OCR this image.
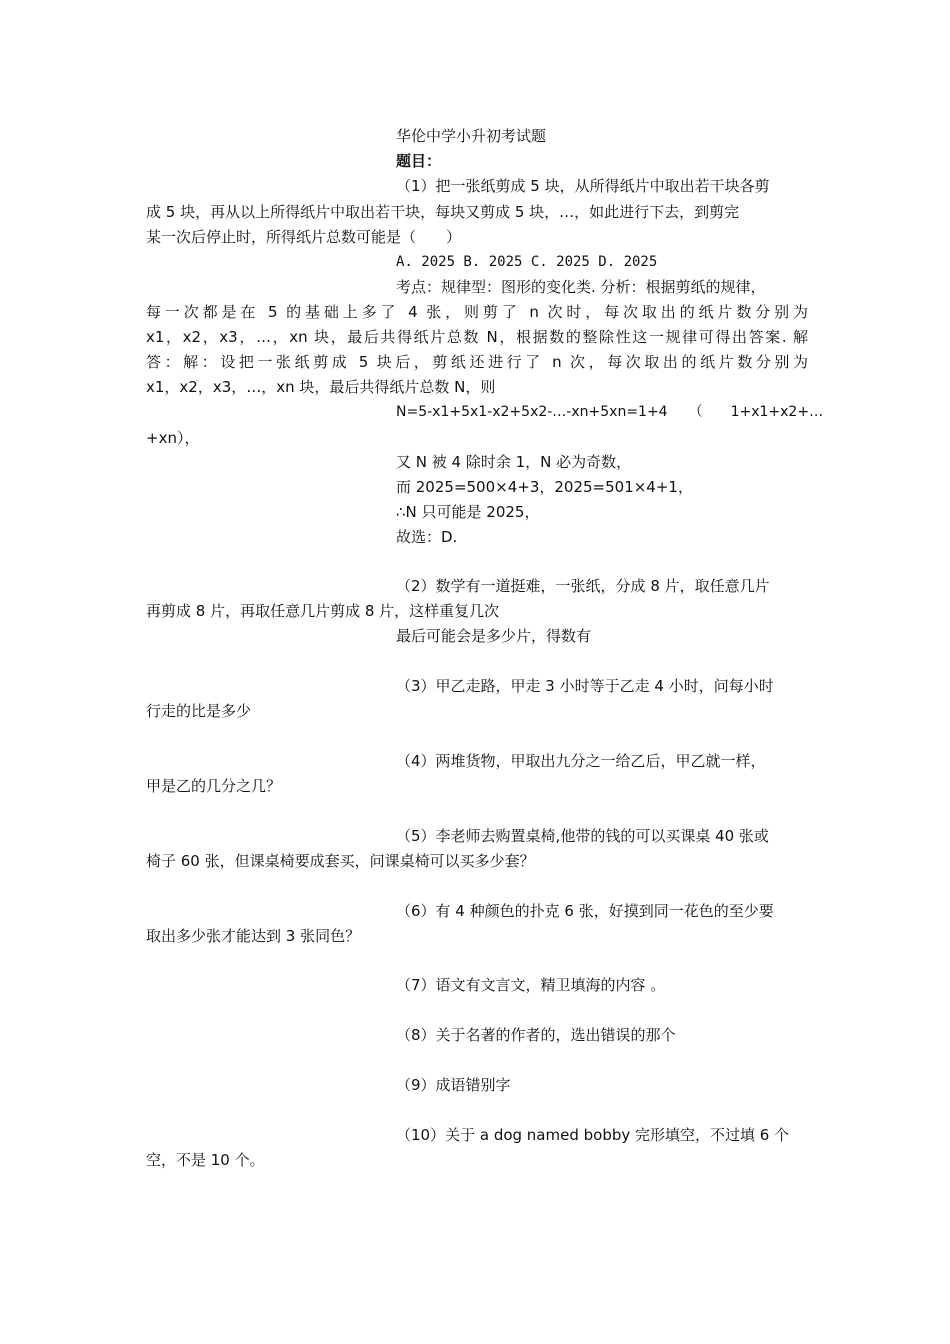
华伦中学小升初考试题
题目：
（1）把一张纸剪成 5 块，从所得纸片中取出若干块各剪
成 5 块，再从以上所得纸片中取出若干块，每块又剪成 5 块，…，如此进行下去，到剪完
某一次后停止时，所得纸片总数可能是（　　）
A. 2025 B. 2025 C. 2025 D. 2025
考点：规律型：图形的变化类. 分析：根据剪纸的规律，
每一次都是在 5 的基础上多了 4 张，则剪了 n 次时，每次取出的纸片数分别为
x1，x2，x3，…，xn 块，最后共得纸片总数 N，根据数的整除性这一规律可得出答案. 解
答：解：设把一张纸剪成 5 块后，剪纸还进行了 n 次，每次取出的纸片数分别为
x1，x2，x3，…，xn 块，最后共得纸片总数 N，则
N=5-x1+5x1-x2+5x2-…-xn+5xn=1+4　　（　　1+x1+x2+…
+xn），
又 N 被 4 除时余 1，N 必为奇数，
而 2025=500×4+3，2025=501×4+1，
∴N 只可能是 2025，
故选：D.
（2）数学有一道挺难，一张纸，分成 8 片，取任意几片
再剪成 8 片，再取任意几片剪成 8 片，这样重复几次
最后可能会是多少片，得数有
（3）甲乙走路，甲走 3 小时等于乙走 4 小时，问每小时
行走的比是多少
（4）两堆货物，甲取出九分之一给乙后，甲乙就一样，
甲是乙的几分之几？
（5）李老师去购置桌椅,他带的钱的可以买课桌 40 张或
椅子 60 张，但课桌椅要成套买，问课桌椅可以买多少套？
（6）有 4 种颜色的扑克 6 张，好摸到同一花色的至少要
取出多少张才能达到 3 张同色？
（7）语文有文言文，精卫填海的内容 。
（8）关于名著的作者的，选出错误的那个
（9）成语错别字
（10）关于 a dog named bobby 完形填空，不过填 6 个
空，不是 10 个。
